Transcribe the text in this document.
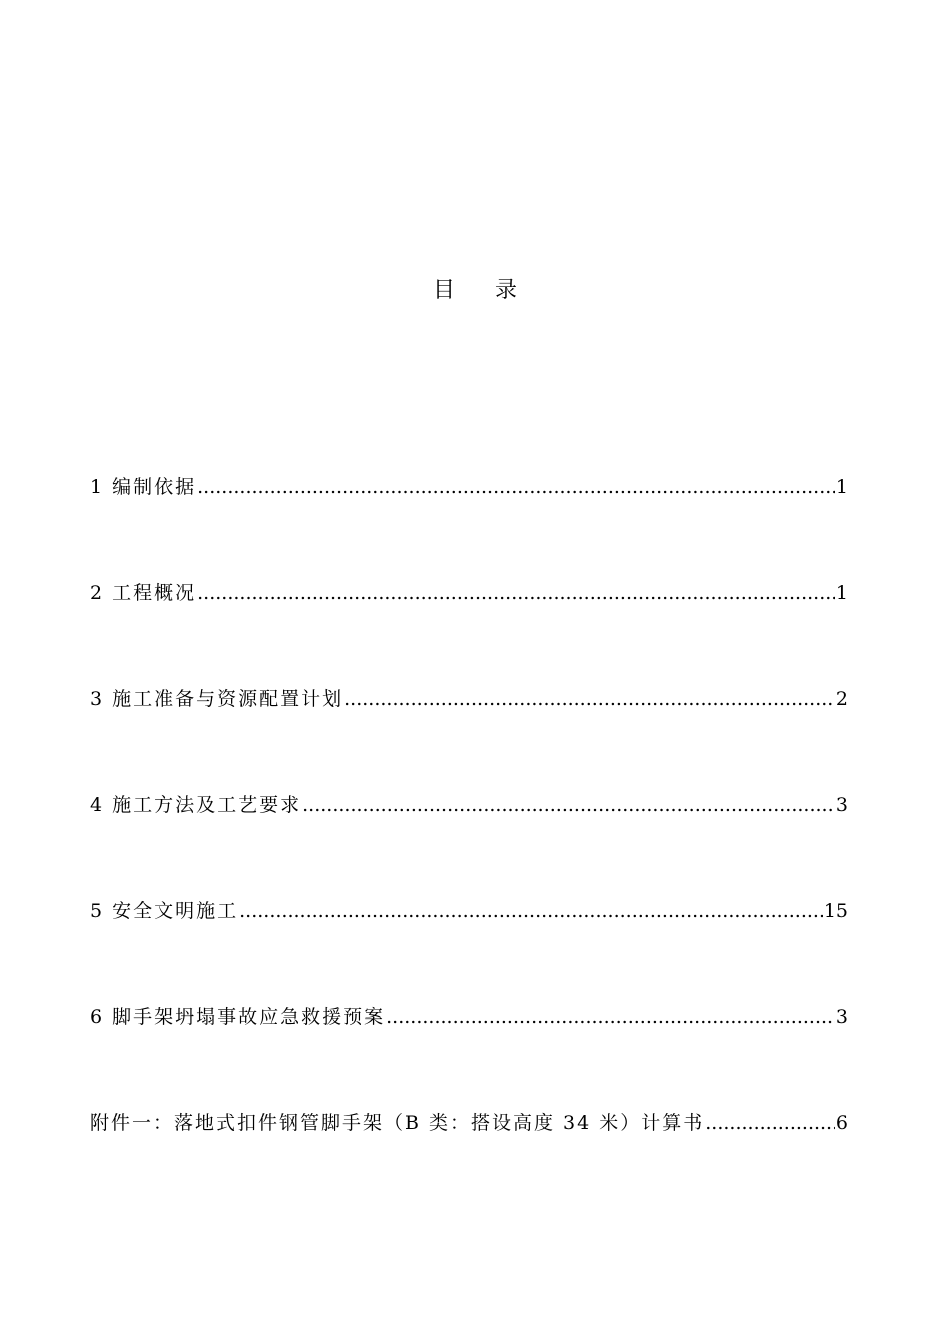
目录
1 编制依据 .....	1
2 工程概况 .....	1
3 施工准备与资源配置计划 .....	2
4 施工方法及工艺要求 .....	3
5 安全文明施工 .....	15
6 脚手架坍塌事故应急救援预案 .....	3
附件一：落地式扣件钢管脚手架（B 类：搭设高度 34 米）计算书 .....	6
